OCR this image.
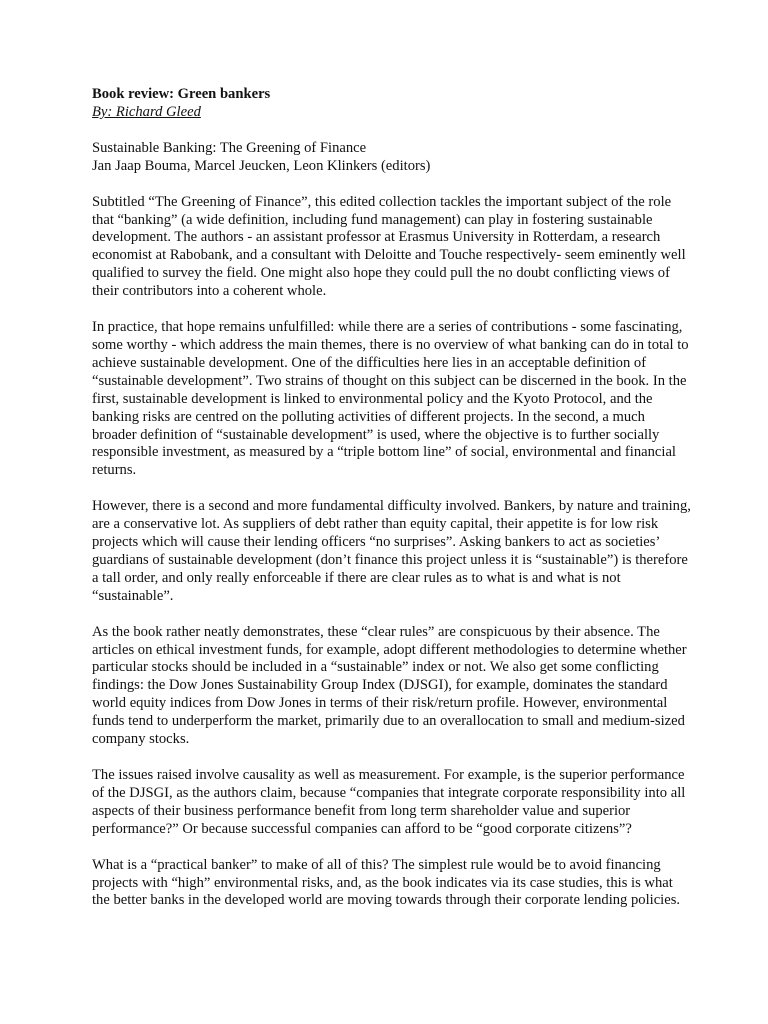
Book review: Green bankers
By: Richard Gleed
Sustainable Banking: The Greening of Finance
Jan Jaap Bouma, Marcel Jeucken, Leon Klinkers (editors)

Subtitled “The Greening of Finance”, this edited collection tackles the important subject of the role that “banking” (a wide definition, including fund management) can play in fostering sustainable development. The authors - an assistant professor at Erasmus University in Rotterdam, a research economist at Rabobank, and a consultant with Deloitte and Touche respectively- seem eminently well qualified to survey the field. One might also hope they could pull the no doubt conflicting views of their contributors into a coherent whole.

In practice, that hope remains unfulfilled: while there are a series of contributions - some fascinating, some worthy - which address the main themes, there is no overview of what banking can do in total to achieve sustainable development. One of the difficulties here lies in an acceptable definition of “sustainable development”. Two strains of thought on this subject can be discerned in the book. In the first, sustainable development is linked to environmental policy and the Kyoto Protocol, and the banking risks are centred on the polluting activities of different projects. In the second, a much broader definition of “sustainable development” is used, where the objective is to further socially responsible investment, as measured by a “triple bottom line” of social, environmental and financial returns.

However, there is a second and more fundamental difficulty involved. Bankers, by nature and training, are a conservative lot. As suppliers of debt rather than equity capital, their appetite is for low risk projects which will cause their lending officers “no surprises”. Asking bankers to act as societies’ guardians of sustainable development (don’t finance this project unless it is “sustainable”) is therefore a tall order, and only really enforceable if there are clear rules as to what is and what is not “sustainable”.

As the book rather neatly demonstrates, these “clear rules” are conspicuous by their absence. The articles on ethical investment funds, for example, adopt different methodologies to determine whether particular stocks should be included in a “sustainable” index or not. We also get some conflicting findings: the Dow Jones Sustainability Group Index (DJSGI), for example, dominates the standard world equity indices from Dow Jones in terms of their risk/return profile. However, environmental funds tend to underperform the market, primarily due to an overallocation to small and medium-sized company stocks.

The issues raised involve causality as well as measurement. For example, is the superior performance of the DJSGI, as the authors claim, because “companies that integrate corporate responsibility into all aspects of their business performance benefit from long term shareholder value and superior performance?” Or because successful companies can afford to be “good corporate citizens”?

What is a “practical banker” to make of all of this? The simplest rule would be to avoid financing projects with “high” environmental risks, and, as the book indicates via its case studies, this is what the better banks in the developed world are moving towards through their corporate lending policies.
